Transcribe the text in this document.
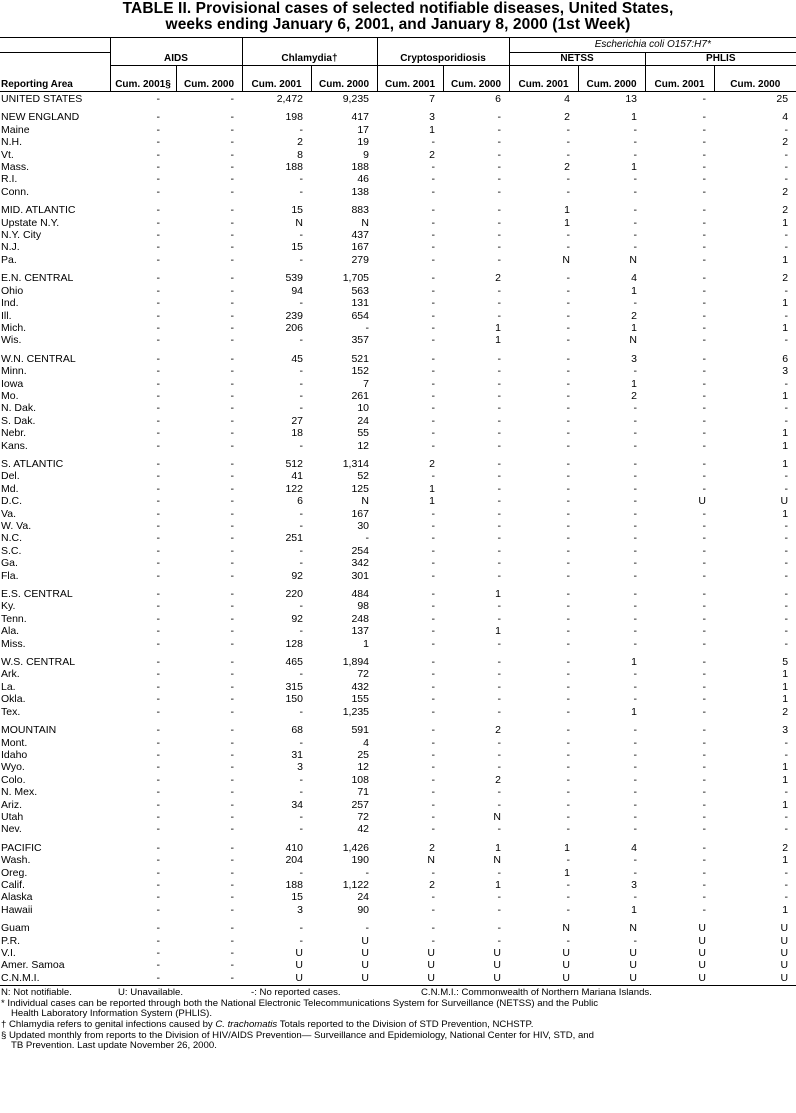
TABLE II. Provisional cases of selected notifiable diseases, United States,
weeks ending January 6, 2001, and January 8, 2000 (1st Week)
							Escherichia coli O157:H7*			
	AIDS		Chlamydia†		Cryptosporidiosis		NETSS		PHLIS	
Reporting Area	Cum. 2001§	Cum. 2000	Cum. 2001	Cum. 2000	Cum. 2001	Cum. 2000	Cum. 2001	Cum. 2000	Cum. 2001	Cum. 2000
UNITED STATES	-	-	2,472	9,235	7	6	4	13	-	25

NEW ENGLAND	-	-	198	417	3	-	2	1	-	4
Maine	-	-	-	17	1	-	-	-	-	-
N.H.	-	-	2	19	-	-	-	-	-	2
Vt.	-	-	8	9	2	-	-	-	-	-
Mass.	-	-	188	188	-	-	2	1	-	-
R.I.	-	-	-	46	-	-	-	-	-	-
Conn.	-	-	-	138	-	-	-	-	-	2

MID. ATLANTIC	-	-	15	883	-	-	1	-	-	2
Upstate N.Y.	-	-	N	N	-	-	1	-	-	1
N.Y. City	-	-	-	437	-	-	-	-	-	-
N.J.	-	-	15	167	-	-	-	-	-	-
Pa.	-	-	-	279	-	-	N	N	-	1

E.N. CENTRAL	-	-	539	1,705	-	2	-	4	-	2
Ohio	-	-	94	563	-	-	-	1	-	-
Ind.	-	-	-	131	-	-	-	-	-	1
Ill.	-	-	239	654	-	-	-	2	-	-
Mich.	-	-	206	-	-	1	-	1	-	1
Wis.	-	-	-	357	-	1	-	N	-	-

W.N. CENTRAL	-	-	45	521	-	-	-	3	-	6
Minn.	-	-	-	152	-	-	-	-	-	3
Iowa	-	-	-	7	-	-	-	1	-	-
Mo.	-	-	-	261	-	-	-	2	-	1
N. Dak.	-	-	-	10	-	-	-	-	-	-
S. Dak.	-	-	27	24	-	-	-	-	-	-
Nebr.	-	-	18	55	-	-	-	-	-	1
Kans.	-	-	-	12	-	-	-	-	-	1

S. ATLANTIC	-	-	512	1,314	2	-	-	-	-	1
Del.	-	-	41	52	-	-	-	-	-	-
Md.	-	-	122	125	1	-	-	-	-	-
D.C.	-	-	6	N	1	-	-	-	U	U
Va.	-	-	-	167	-	-	-	-	-	1
W. Va.	-	-	-	30	-	-	-	-	-	-
N.C.	-	-	251	-	-	-	-	-	-	-
S.C.	-	-	-	254	-	-	-	-	-	-
Ga.	-	-	-	342	-	-	-	-	-	-
Fla.	-	-	92	301	-	-	-	-	-	-

E.S. CENTRAL	-	-	220	484	-	1	-	-	-	-
Ky.	-	-	-	98	-	-	-	-	-	-
Tenn.	-	-	92	248	-	-	-	-	-	-
Ala.	-	-	-	137	-	1	-	-	-	-
Miss.	-	-	128	1	-	-	-	-	-	-

W.S. CENTRAL	-	-	465	1,894	-	-	-	1	-	5
Ark.	-	-	-	72	-	-	-	-	-	1
La.	-	-	315	432	-	-	-	-	-	1
Okla.	-	-	150	155	-	-	-	-	-	1
Tex.	-	-	-	1,235	-	-	-	1	-	2

MOUNTAIN	-	-	68	591	-	2	-	-	-	3
Mont.	-	-	-	4	-	-	-	-	-	-
Idaho	-	-	31	25	-	-	-	-	-	-
Wyo.	-	-	3	12	-	-	-	-	-	1
Colo.	-	-	-	108	-	2	-	-	-	1
N. Mex.	-	-	-	71	-	-	-	-	-	-
Ariz.	-	-	34	257	-	-	-	-	-	1
Utah	-	-	-	72	-	N	-	-	-	-
Nev.	-	-	-	42	-	-	-	-	-	-

PACIFIC	-	-	410	1,426	2	1	1	4	-	2
Wash.	-	-	204	190	N	N	-	-	-	1
Oreg.	-	-	-	-	-	-	1	-	-	-
Calif.	-	-	188	1,122	2	1	-	3	-	-
Alaska	-	-	15	24	-	-	-	-	-	-
Hawaii	-	-	3	90	-	-	-	1	-	1

Guam	-	-	-	-	-	-	N	N	U	U
P.R.	-	-	-	U	-	-	-	-	U	U
V.I.	-	-	U	U	U	U	U	U	U	U
Amer. Samoa	-	-	U	U	U	U	U	U	U	U
C.N.M.I.	-	-	U	U	U	U	U	U	U	U
N: Not notifiable.	U: Unavailable.	-: No reported cases.	C.N.M.I.: Commonwealth of Northern Mariana Islands.
* Individual cases can be reported through both the National Electronic Telecommunications System for Surveillance (NETSS) and the Public
Health Laboratory Information System (PHLIS).
† Chlamydia refers to genital infections caused by C. trachomatis Totals reported to the Division of STD Prevention, NCHSTP.
§ Updated monthly from reports to the Division of HIV/AIDS Prevention— Surveillance and Epidemiology, National Center for HIV, STD, and
TB Prevention. Last update November 26, 2000.
